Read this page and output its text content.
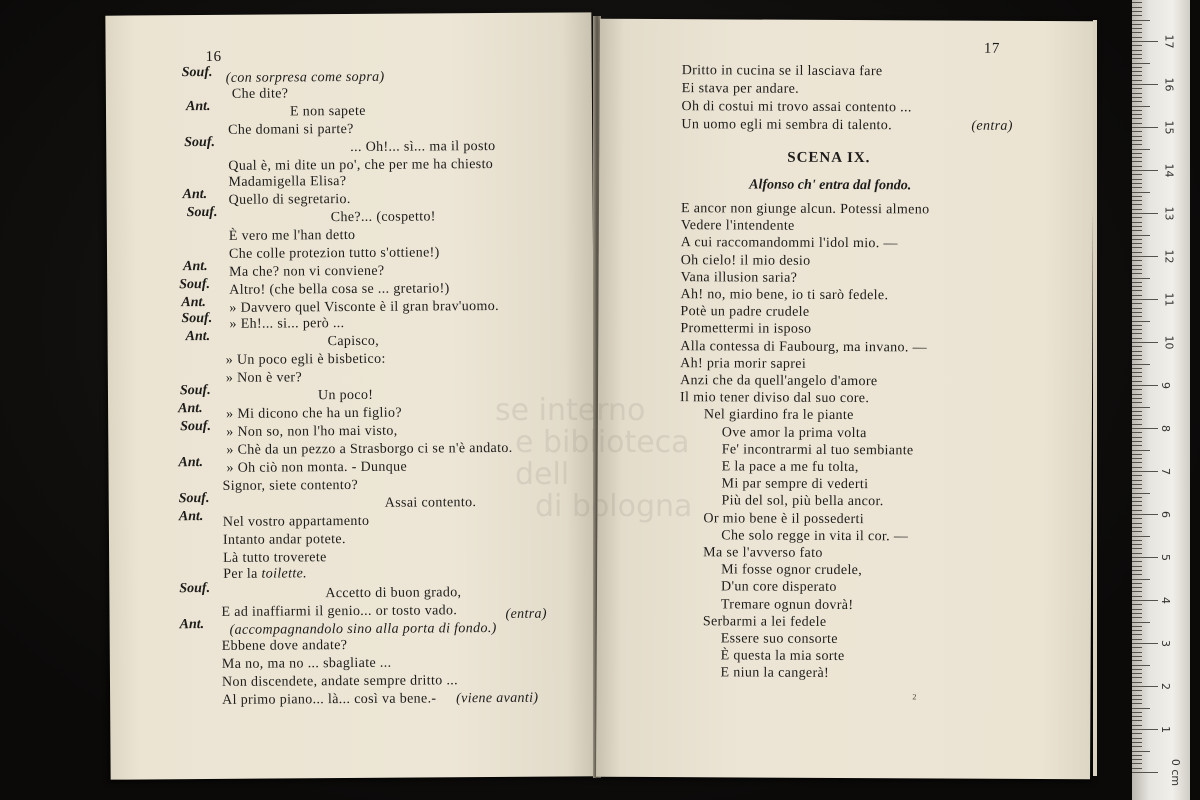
16
Souf. (con sorpresa come sopra)
Che dite?
Ant.	E non sapete
Che domani si parte?
Souf.	... Oh!... sì... ma il posto
Qual è, mi dite un po', che per me ha chiesto
Madamigella Elisa?
Ant. Quello di segretario.
Souf.	Che?... (cospetto!
È vero me l'han detto
Che colle protezion tutto s'ottiene!)
Ant. Ma che? non vi conviene?
Souf. Altro! (che bella cosa se ... gretario!)
Ant. » Davvero quel Visconte è il gran brav'uomo.
Souf. » Eh!... si... però ...
Ant.	Capisco,
» Un poco egli è bisbetico:
» Non è ver?
Souf.	Un poco!
Ant. » Mi dicono che ha un figlio?
Souf. » Non so, non l'ho mai visto,
» Chè da un pezzo a Strasborgo ci se n'è andato.
Ant. » Oh ciò non monta. - Dunque
Signor, siete contento?
Souf.	Assai contento.
Ant. Nel vostro appartamento
Intanto andar potete.
Là tutto troverete
Per la toilette.
Souf.	Accetto di buon grado,
E ad inaffiarmi il genio... or tosto vado.
Ant. (accompagnandolo sino alla porta di fondo.)
Ebbene dove andate?
Ma no, ma no ... sbagliate ...
Non discendete, andate sempre dritto ...
Al primo piano... là... così va bene.-
(entra)
(viene avanti)
17
Dritto in cucina se il lasciava fare
Ei stava per andare.
Oh di costui mi trovo assai contento ...
Un uomo egli mi sembra di talento.	(entra)
SCENA IX.
Alfonso ch' entra dal fondo.
E ancor non giunge alcun. Potessi almeno
Vedere l'intendente
A cui raccomandommi l'idol mio. —
Oh cielo! il mio desio
Vana illusion saria?
Ah! no, mio bene, io ti sarò fedele.
Potè un padre crudele
Promettermi in isposo
Alla contessa di Faubourg, ma invano. —
Ah! pria morir saprei
Anzi che da quell'angelo d'amore
Il mio tener diviso dal suo core.
Nel giardino fra le piante
Ove amor la prima volta
Fe' incontrarmi al tuo sembiante
E la pace a me fu tolta,
Mi par sempre di vederti
Più del sol, più bella ancor.
Or mio bene è il possederti
Che solo regge in vita il cor. —
Ma se l'avverso fato
Mi fosse ognor crudele,
D'un core disperato
Tremare ognun dovrà!
Serbarmi a lei fedele
Essere suo consorte
È questa la mia sorte
E niun la cangerà!
2
se interno
e biblioteca dell
di bologna
0 cm
1
2
3
4
5
6
7
8
9
10
11
12
13
14
15
16
17
